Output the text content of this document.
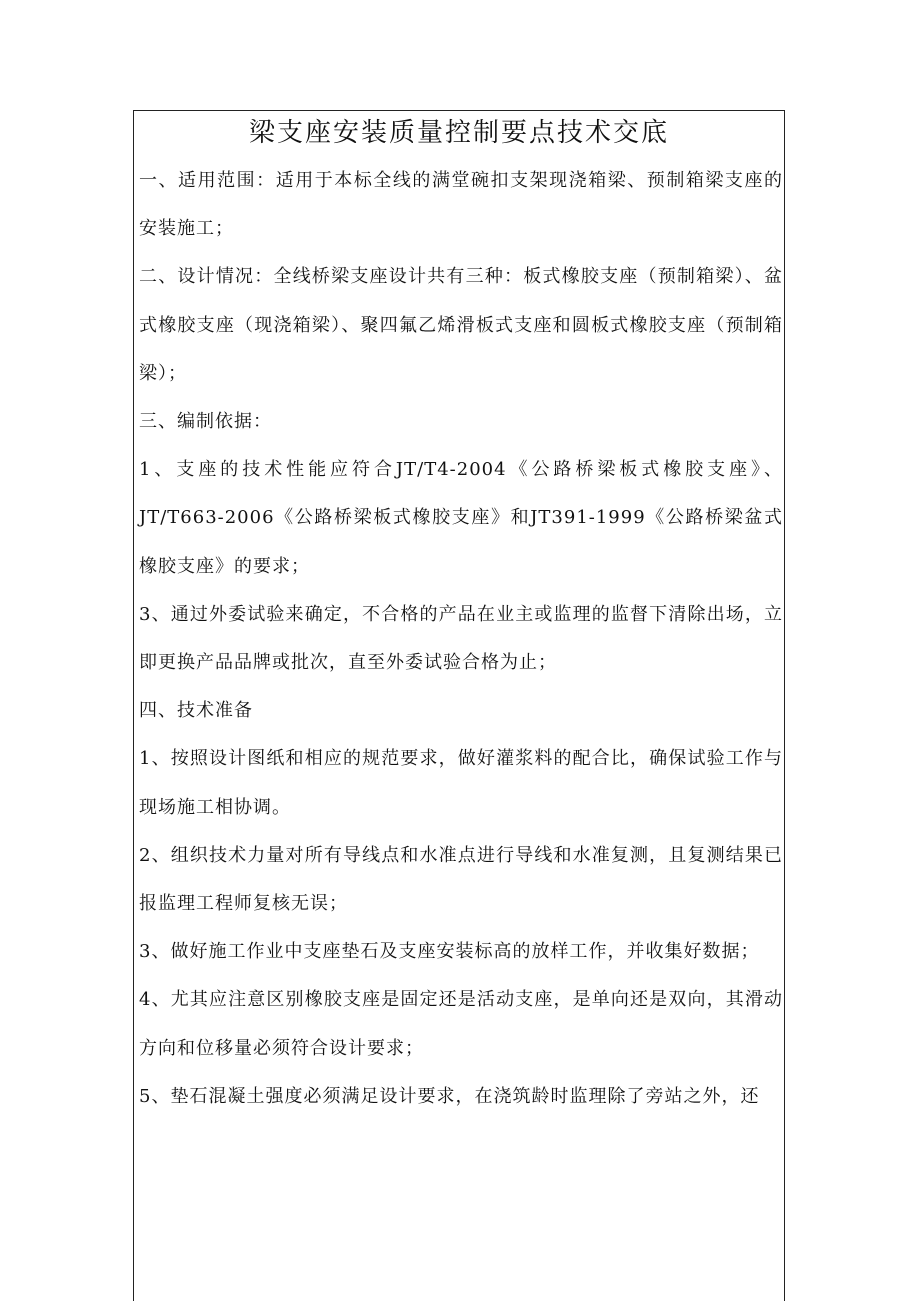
梁支座安装质量控制要点技术交底

一、适用范围：适用于本标全线的满堂碗扣支架现浇箱梁、预制箱梁支座的安装施工；

二、设计情况：全线桥梁支座设计共有三种：板式橡胶支座（预制箱梁）、盆式橡胶支座（现浇箱梁）、聚四氟乙烯滑板式支座和圆板式橡胶支座（预制箱梁）；

三、编制依据：

1、支座的技术性能应符合JT/T4-2004《公路桥梁板式橡胶支座》、JT/T663-2006《公路桥梁板式橡胶支座》和JT391-1999《公路桥梁盆式橡胶支座》的要求；

3、通过外委试验来确定，不合格的产品在业主或监理的监督下清除出场，立即更换产品品牌或批次，直至外委试验合格为止；

四、技术准备

1、按照设计图纸和相应的规范要求，做好灌浆料的配合比，确保试验工作与现场施工相协调。

2、组织技术力量对所有导线点和水准点进行导线和水准复测，且复测结果已报监理工程师复核无误；

3、做好施工作业中支座垫石及支座安装标高的放样工作，并收集好数据；

4、尤其应注意区别橡胶支座是固定还是活动支座，是单向还是双向，其滑动方向和位移量必须符合设计要求；

5、垫石混凝土强度必须满足设计要求，在浇筑龄时监理除了旁站之外，还
